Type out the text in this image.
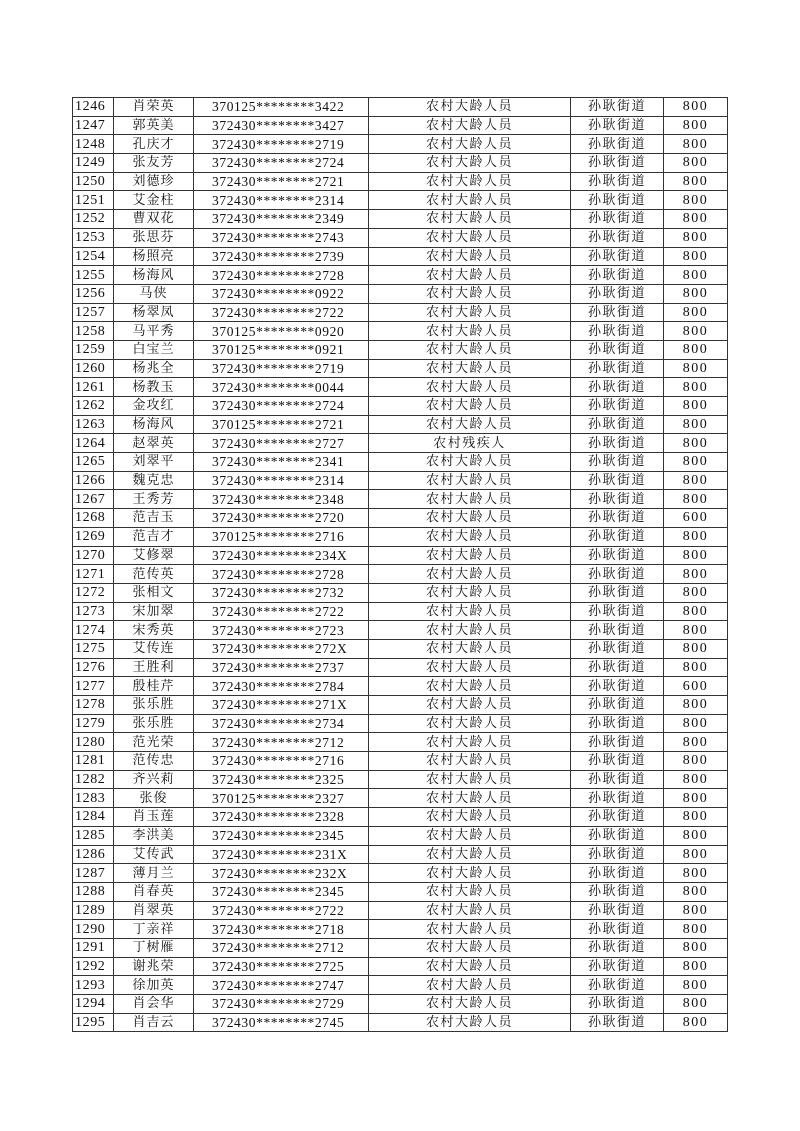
1246	肖荣英	370125********3422	农村大龄人员	孙耿街道	800
1247	郭英美	372430********3427	农村大龄人员	孙耿街道	800
1248	孔庆才	372430********2719	农村大龄人员	孙耿街道	800
1249	张友芳	372430********2724	农村大龄人员	孙耿街道	800
1250	刘德珍	372430********2721	农村大龄人员	孙耿街道	800
1251	艾金柱	372430********2314	农村大龄人员	孙耿街道	800
1252	曹双花	372430********2349	农村大龄人员	孙耿街道	800
1253	张思芬	372430********2743	农村大龄人员	孙耿街道	800
1254	杨照亮	372430********2739	农村大龄人员	孙耿街道	800
1255	杨海风	372430********2728	农村大龄人员	孙耿街道	800
1256	马侠	372430********0922	农村大龄人员	孙耿街道	800
1257	杨翠凤	372430********2722	农村大龄人员	孙耿街道	800
1258	马平秀	370125********0920	农村大龄人员	孙耿街道	800
1259	白宝兰	370125********0921	农村大龄人员	孙耿街道	800
1260	杨兆全	372430********2719	农村大龄人员	孙耿街道	800
1261	杨教玉	372430********0044	农村大龄人员	孙耿街道	800
1262	金攻红	372430********2724	农村大龄人员	孙耿街道	800
1263	杨海风	370125********2721	农村大龄人员	孙耿街道	800
1264	赵翠英	372430********2727	农村残疾人	孙耿街道	800
1265	刘翠平	372430********2341	农村大龄人员	孙耿街道	800
1266	魏克忠	372430********2314	农村大龄人员	孙耿街道	800
1267	王秀芳	372430********2348	农村大龄人员	孙耿街道	800
1268	范吉玉	372430********2720	农村大龄人员	孙耿街道	600
1269	范吉才	370125********2716	农村大龄人员	孙耿街道	800
1270	艾修翠	372430********234X	农村大龄人员	孙耿街道	800
1271	范传英	372430********2728	农村大龄人员	孙耿街道	800
1272	张相文	372430********2732	农村大龄人员	孙耿街道	800
1273	宋加翠	372430********2722	农村大龄人员	孙耿街道	800
1274	宋秀英	372430********2723	农村大龄人员	孙耿街道	800
1275	艾传连	372430********272X	农村大龄人员	孙耿街道	800
1276	王胜利	372430********2737	农村大龄人员	孙耿街道	800
1277	殷桂芹	372430********2784	农村大龄人员	孙耿街道	600
1278	张乐胜	372430********271X	农村大龄人员	孙耿街道	800
1279	张乐胜	372430********2734	农村大龄人员	孙耿街道	800
1280	范光荣	372430********2712	农村大龄人员	孙耿街道	800
1281	范传忠	372430********2716	农村大龄人员	孙耿街道	800
1282	齐兴莉	372430********2325	农村大龄人员	孙耿街道	800
1283	张俊	370125********2327	农村大龄人员	孙耿街道	800
1284	肖玉莲	372430********2328	农村大龄人员	孙耿街道	800
1285	李洪美	372430********2345	农村大龄人员	孙耿街道	800
1286	艾传武	372430********231X	农村大龄人员	孙耿街道	800
1287	薄月兰	372430********232X	农村大龄人员	孙耿街道	800
1288	肖春英	372430********2345	农村大龄人员	孙耿街道	800
1289	肖翠英	372430********2722	农村大龄人员	孙耿街道	800
1290	丁亲祥	372430********2718	农村大龄人员	孙耿街道	800
1291	丁树雁	372430********2712	农村大龄人员	孙耿街道	800
1292	谢兆荣	372430********2725	农村大龄人员	孙耿街道	800
1293	徐加英	372430********2747	农村大龄人员	孙耿街道	800
1294	肖会华	372430********2729	农村大龄人员	孙耿街道	800
1295	肖吉云	372430********2745	农村大龄人员	孙耿街道	800
